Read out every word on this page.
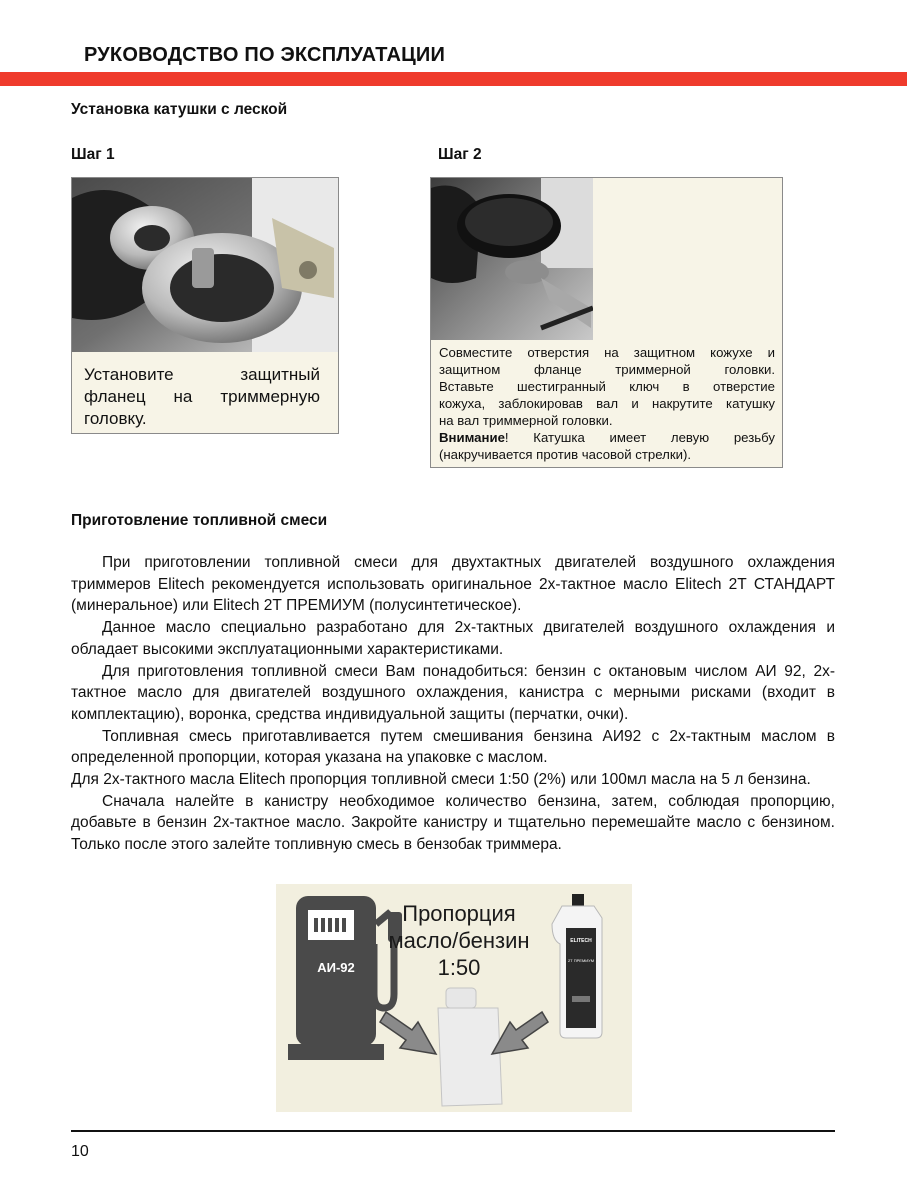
РУКОВОДСТВО ПО ЭКСПЛУАТАЦИИ
Установка катушки с леской
Шаг 1	Шаг 2
Установите защитный фланец на триммерную головку.
Совместите отверстия на защитном кожухе и
защитном фланце триммерной головки.
Вставьте шестигранный ключ в отверстие
кожуха, заблокировав вал и накрутите катушку
на вал триммерной головки.
Внимание! Катушка имеет левую резьбу
(накручивается против часовой стрелки).
Приготовление топливной смеси

При приготовлении топливной смеси для двухтактных двигателей воздушного охлаждения триммеров Elitech рекомендуется использовать оригинальное 2х-тактное масло Elitech 2Т СТАНДАРТ (минеральное) или Elitech 2Т ПРЕМИУМ (полусинтетическое).

Данное масло специально разработано для 2х-тактных двигателей воздушного охлаждения и обладает высокими эксплуатационными характеристиками.

Для приготовления топливной смеси Вам понадобиться: бензин с октановым числом АИ 92, 2х-тактное масло для двигателей воздушного охлаждения, канистра с мерными рисками (входит в комплектацию), воронка, средства индивидуальной защиты (перчатки, очки).

Топливная смесь приготавливается путем смешивания бензина АИ92 с 2х-тактным маслом в определенной пропорции, которая указана на упаковке с маслом.

Для 2х-тактного масла Elitech пропорция топливной смеси 1:50 (2%) или 100мл масла на 5 л бензина.

Сначала налейте в канистру необходимое количество бензина, затем, соблюдая пропорцию, добавьте в бензин 2х-тактное масло. Закройте канистру и тщательно перемешайте масло с бензином. Только после этого залейте топливную смесь в бензобак триммера.

АИ-92
ELITECH
2Т ПРЕМИУМ
Пропорция
масло/бензин
1:50
10
